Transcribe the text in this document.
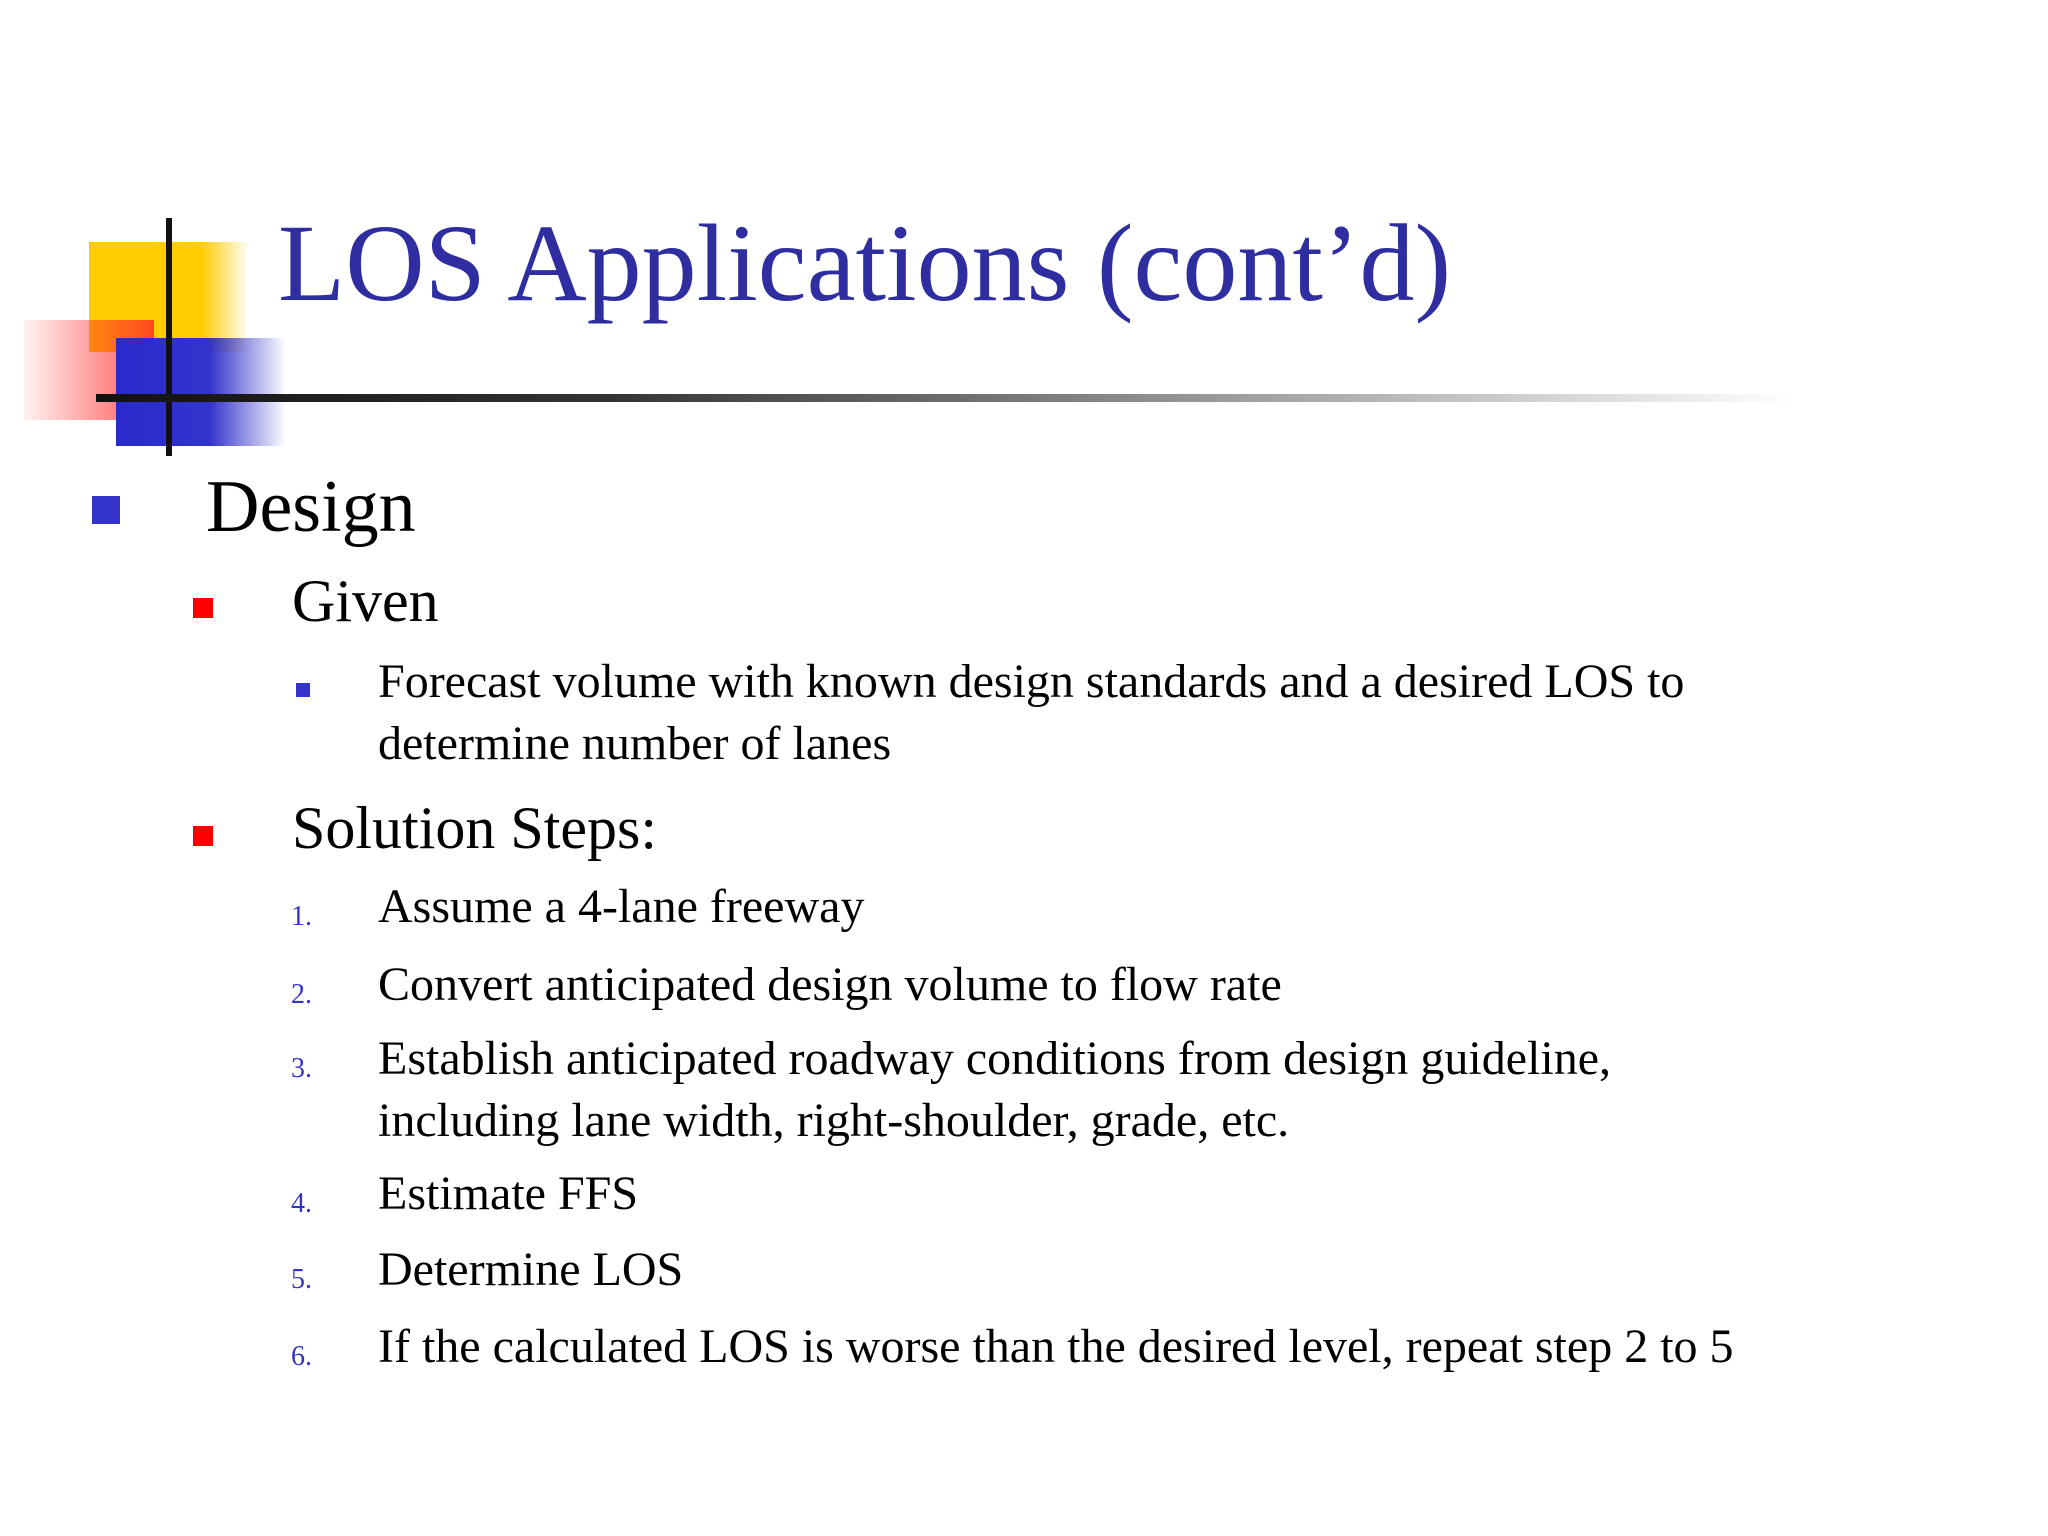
LOS Applications (cont’d)
Design
Given
Forecast volume with known design standards and a desired LOS to
determine number of lanes
Solution Steps:
1. Assume a 4-lane freeway
2. Convert anticipated design volume to flow rate
3. Establish anticipated roadway conditions from design guideline,
including lane width, right-shoulder, grade, etc.
4. Estimate FFS
5. Determine LOS
6. If the calculated LOS is worse than the desired level, repeat step 2 to 5
